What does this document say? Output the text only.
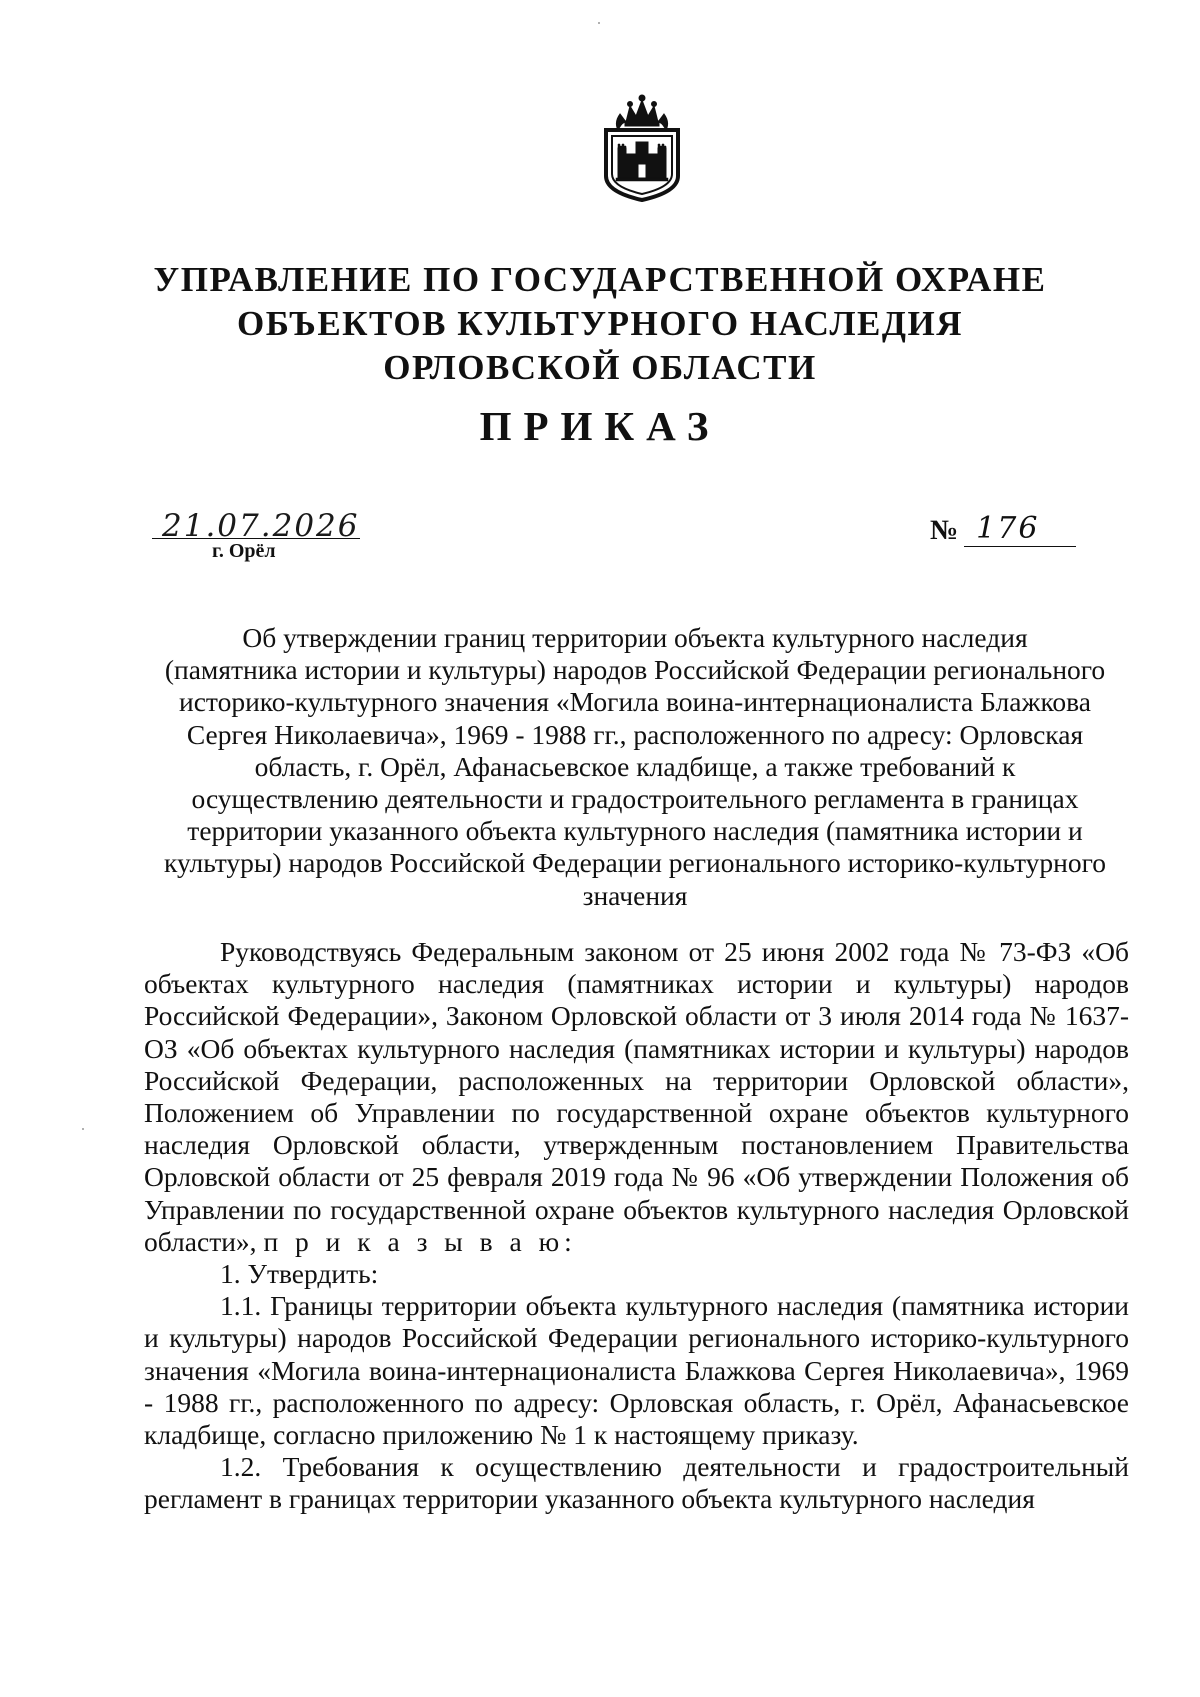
УПРАВЛЕНИЕ ПО ГОСУДАРСТВЕННОЙ ОХРАНЕ
ОБЪЕКТОВ КУЛЬТУРНОГО НАСЛЕДИЯ
ОРЛОВСКОЙ ОБЛАСТИ
ПРИКАЗ
21.07.2026
г. Орёл
№ 176
Об утверждении границ территории объекта культурного наследия
(памятника истории и культуры) народов Российской Федерации регионального
историко-культурного значения «Могила воина-интернационалиста Блажкова
Сергея Николаевича», 1969 - 1988 гг., расположенного по адресу: Орловская
область, г. Орёл, Афанасьевское кладбище, а также требований к
осуществлению деятельности и градостроительного регламента в границах
территории указанного объекта культурного наследия (памятника истории и
культуры) народов Российской Федерации регионального историко-культурного
значения

Руководствуясь Федеральным законом от 25 июня 2002 года № 73-ФЗ «Об объектах культурного наследия (памятниках истории и культуры) народов Российской Федерации», Законом Орловской области от 3 июля 2014 года № 1637-ОЗ «Об объектах культурного наследия (памятниках истории и культуры) народов Российской Федерации, расположенных на территории Орловской области», Положением об Управлении по государственной охране объектов культурного наследия Орловской области, утвержденным постановлением Правительства Орловской области от 25 февраля 2019 года № 96 «Об утверждении Положения об Управлении по государственной охране объектов культурного наследия Орловской области», п р и к а з ы в а ю:

1. Утвердить:

1.1. Границы территории объекта культурного наследия (памятника истории и культуры) народов Российской Федерации регионального историко-культурного значения «Могила воина-интернационалиста Блажкова Сергея Николаевича», 1969 - 1988 гг., расположенного по адресу: Орловская область, г. Орёл, Афанасьевское кладбище, согласно приложению № 1 к настоящему приказу.

1.2. Требования к осуществлению деятельности и градостроительный регламент в границах территории указанного объекта культурного наследия
